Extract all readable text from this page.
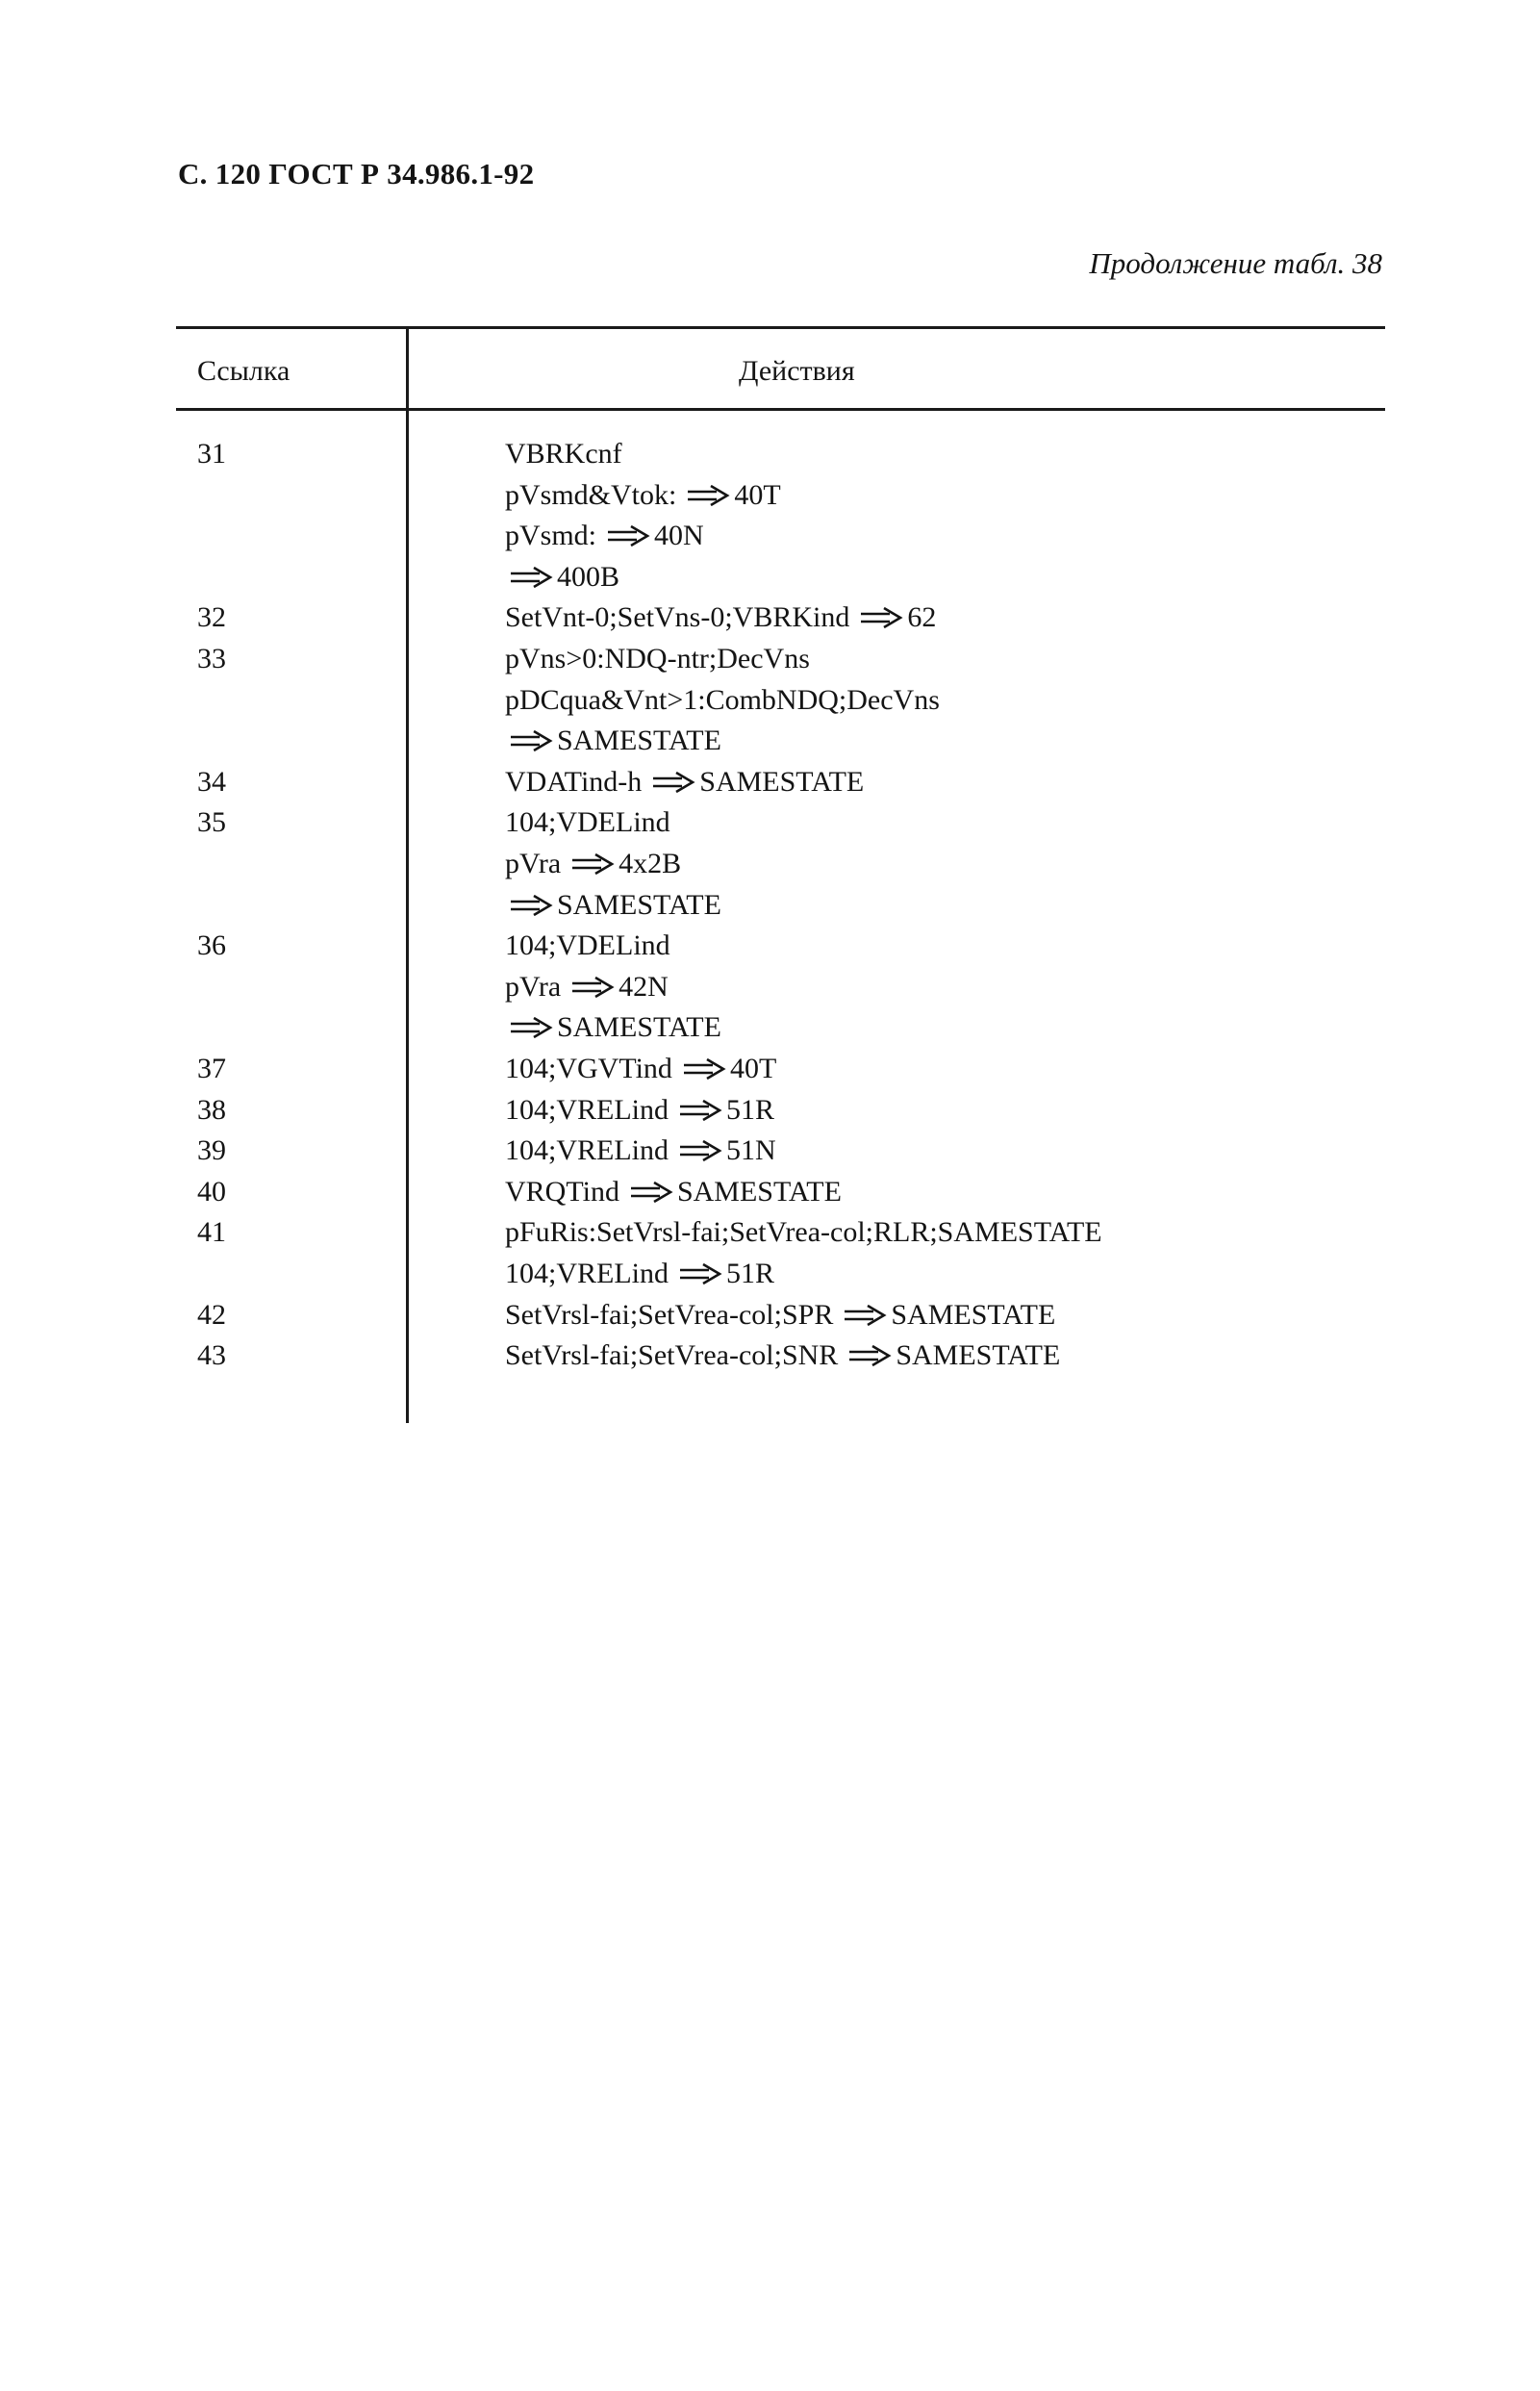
С. 120 ГОСТ Р 34.986.1-92
Продолжение табл. 38
Ссылка	Действия
31	VBRKcnf
pVsmd&Vtok: 40T
pVsmd: 40N
400B
32	SetVnt-0;SetVns-0;VBRKind 62
33	pVns>0:NDQ-ntr;DecVns
pDCqua&Vnt>1:CombNDQ;DecVns
SAMESTATE
34	VDATind-h SAMESTATE
35	104;VDELind
pVra 4x2B
SAMESTATE
36	104;VDELind
pVra 42N
SAMESTATE
37	104;VGVTind 40T
38	104;VRELind 51R
39	104;VRELind 51N
40	VRQTind SAMESTATE
41	pFuRis:SetVrsl-fai;SetVrea-col;RLR;SAMESTATE
104;VRELind 51R
42	SetVrsl-fai;SetVrea-col;SPR SAMESTATE
43	SetVrsl-fai;SetVrea-col;SNR SAMESTATE
